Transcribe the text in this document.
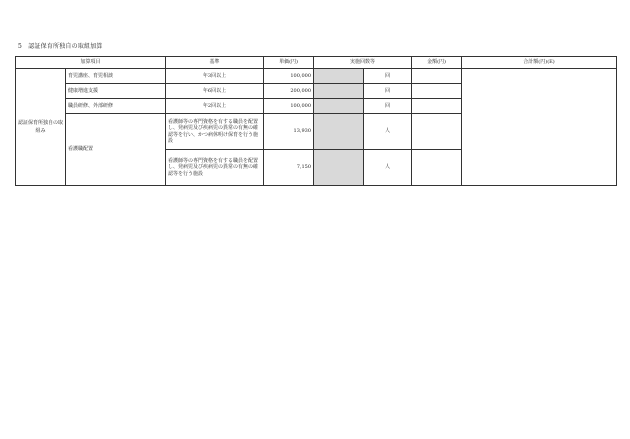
5　認証保育所独自の取組加算
加算項目		基準	単価(円)	実施回数等		金額(円)	合計額(円)(E)
認証保育所独自の取組み	育児講座、育児相談	年3回以上	100,000		回		
	健康増進支援	年6回以上	200,000		回		
	職員研修、外部研修	年2回以上	100,000		回		
	看護職配置	看護師等の専門資格を有する職員を配置し、発病児及び疾病児の異常の有無の確認等を行い、かつ病休明け保育を行う施設	13,930		人		
		看護師等の専門資格を有する職員を配置し、発病児及び疾病児の異常の有無の確認等を行う施設	7,150		人		
